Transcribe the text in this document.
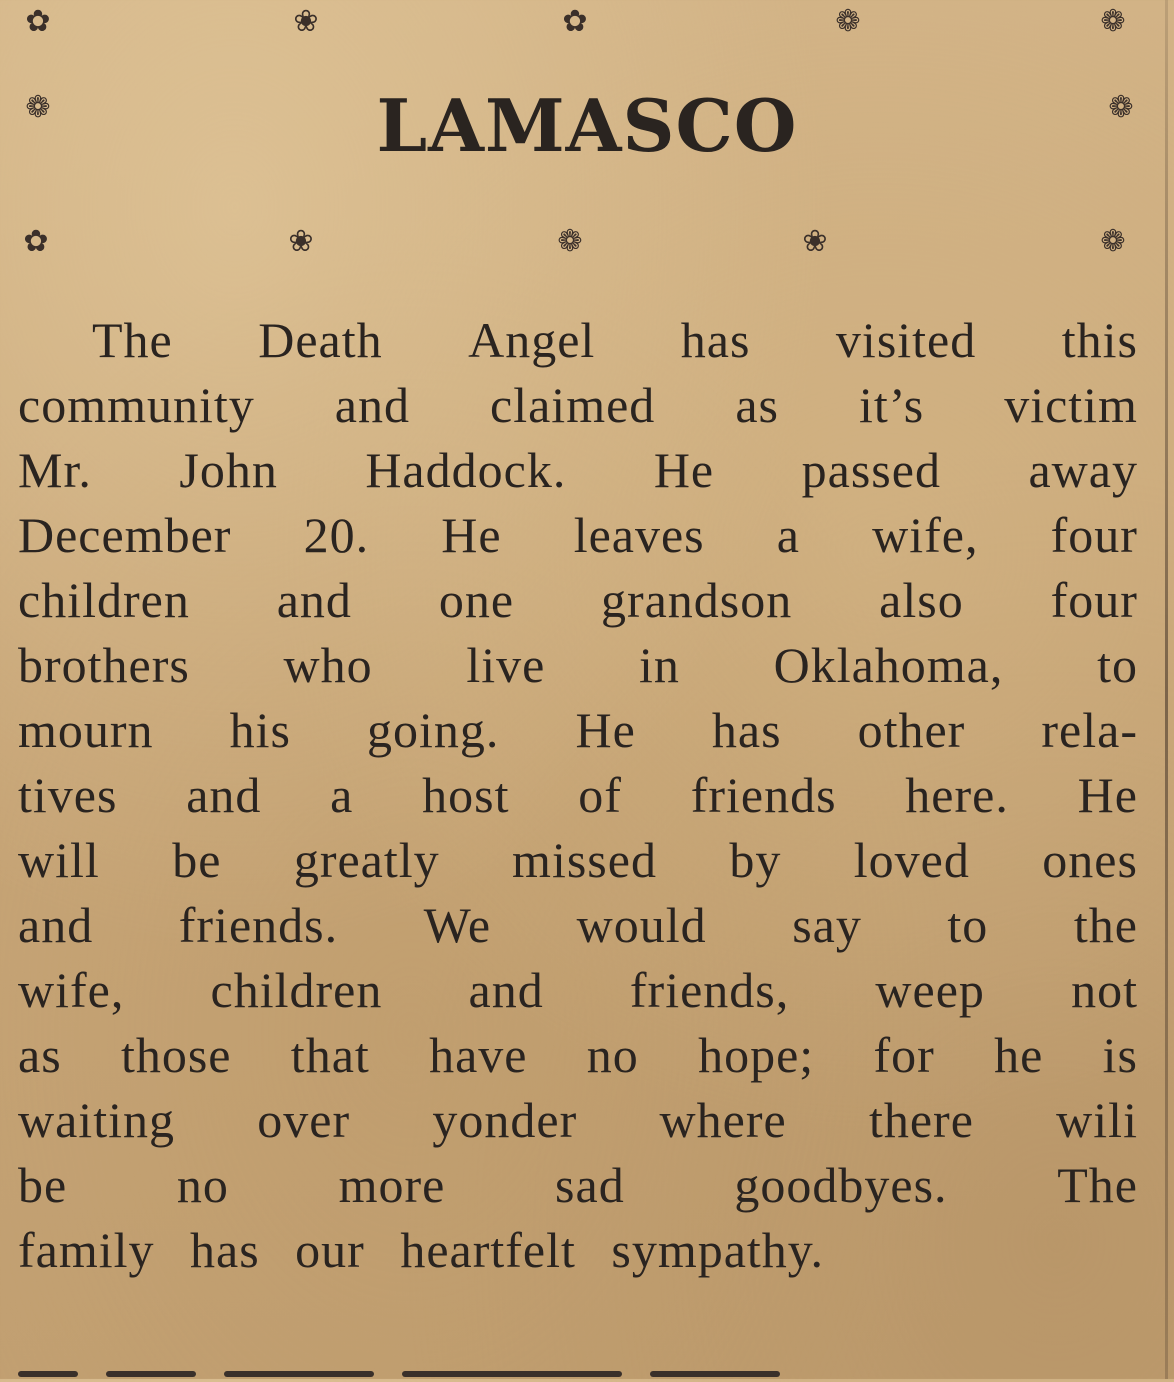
✿	❀	✿	❁	❁
❁	❁
LAMASCO
✿	❀	❁	❀	❁
The Death Angel has visited this
community and claimed as it’s victim
Mr. John Haddock. He passed away
December 20. He leaves a wife, four
children and one grandson also four
brothers who live in Oklahoma, to
mourn his going. He has other rela-
tives and a host of friends here. He
will be greatly missed by loved ones
and friends. We would say to the
wife, children and friends, weep not
as those that have no hope; for he is
waiting over yonder where there wili
be no more sad goodbyes. The
family has our heartfelt sympathy.
